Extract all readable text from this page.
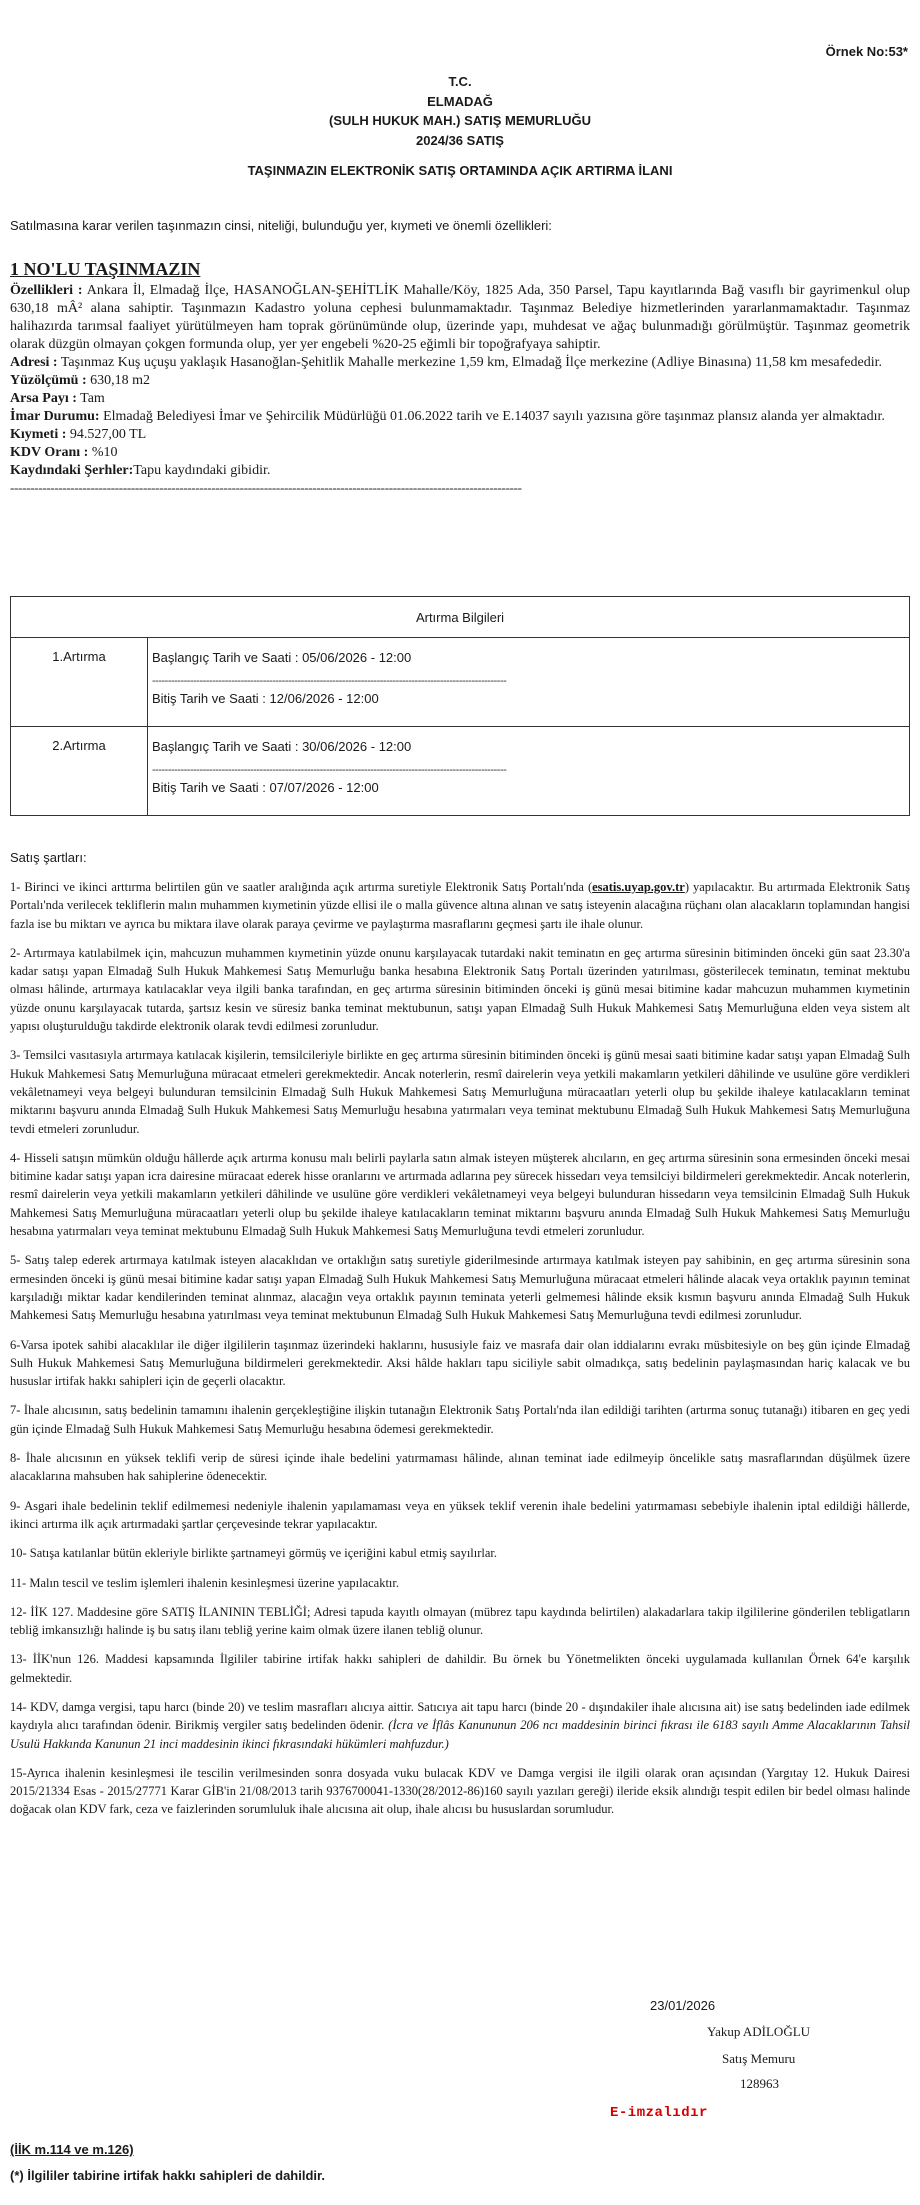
Örnek No:53*
T.C.
ELMADAĞ
(SULH HUKUK MAH.) SATIŞ MEMURLUĞU
2024/36 SATIŞ
TAŞINMAZIN ELEKTRONİK SATIŞ ORTAMINDA AÇIK ARTIRMA İLANI
Satılmasına karar verilen taşınmazın cinsi, niteliği, bulunduğu yer, kıymeti ve önemli özellikleri:
1 NO'LU TAŞINMAZIN

Özellikleri : Ankara İl, Elmadağ İlçe, HASANOĞLAN-ŞEHİTLİK Mahalle/Köy, 1825 Ada, 350 Parsel, Tapu kayıtlarında Bağ vasıflı bir gayrimenkul olup 630,18 mÂ² alana sahiptir. Taşınmazın Kadastro yoluna cephesi bulunmamaktadır. Taşınmaz Belediye hizmetlerinden yararlanmamaktadır. Taşınmaz halihazırda tarımsal faaliyet yürütülmeyen ham toprak görünümünde olup, üzerinde yapı, muhdesat ve ağaç bulunmadığı görülmüştür. Taşınmaz geometrik olarak düzgün olmayan çokgen formunda olup, yer yer engebeli %20-25 eğimli bir topoğrafyaya sahiptir.

Adresi : Taşınmaz Kuş uçuşu yaklaşık Hasanoğlan-Şehitlik Mahalle merkezine 1,59 km, Elmadağ İlçe merkezine (Adliye Binasına) 11,58 km mesafededir.

Yüzölçümü : 630,18 m2

Arsa Payı : Tam

İmar Durumu: Elmadağ Belediyesi İmar ve Şehircilik Müdürlüğü 01.06.2022 tarih ve E.14037 sayılı yazısına göre taşınmaz plansız alanda yer almaktadır.

Kıymeti : 94.527,00 TL

KDV Oranı : %10

Kaydındaki Şerhler:Tapu kaydındaki gibidir.

-------------------------------------------------------------------------------------------------------------------------------
Artırma Bilgileri	
1.Artırma	Başlangıç Tarih ve Saati : 05/06/2026 - 12:00
----------------------------------------------------------------------------------------------------------------
Bitiş Tarih ve Saati : 12/06/2026 - 12:00

2.Artırma	Başlangıç Tarih ve Saati : 30/06/2026 - 12:00
----------------------------------------------------------------------------------------------------------------
Bitiş Tarih ve Saati : 07/07/2026 - 12:00
Satış şartları:

1- Birinci ve ikinci arttırma belirtilen gün ve saatler aralığında açık artırma suretiyle Elektronik Satış Portalı'nda (esatis.uyap.gov.tr) yapılacaktır. Bu artırmada Elektronik Satış Portalı'nda verilecek tekliflerin malın muhammen kıymetinin yüzde ellisi ile o malla güvence altına alınan ve satış isteyenin alacağına rüçhanı olan alacakların toplamından hangisi fazla ise bu miktarı ve ayrıca bu miktara ilave olarak paraya çevirme ve paylaştırma masraflarını geçmesi şartı ile ihale olunur.

2- Artırmaya katılabilmek için, mahcuzun muhammen kıymetinin yüzde onunu karşılayacak tutardaki nakit teminatın en geç artırma süresinin bitiminden önceki gün saat 23.30'a kadar satışı yapan Elmadağ Sulh Hukuk Mahkemesi Satış Memurluğu banka hesabına Elektronik Satış Portalı üzerinden yatırılması, gösterilecek teminatın, teminat mektubu olması hâlinde, artırmaya katılacaklar veya ilgili banka tarafından, en geç artırma süresinin bitiminden önceki iş günü mesai bitimine kadar mahcuzun muhammen kıymetinin yüzde onunu karşılayacak tutarda, şartsız kesin ve süresiz banka teminat mektubunun, satışı yapan Elmadağ Sulh Hukuk Mahkemesi Satış Memurluğuna elden veya sistem alt yapısı oluşturulduğu takdirde elektronik olarak tevdi edilmesi zorunludur.

3- Temsilci vasıtasıyla artırmaya katılacak kişilerin, temsilcileriyle birlikte en geç artırma süresinin bitiminden önceki iş günü mesai saati bitimine kadar satışı yapan Elmadağ Sulh Hukuk Mahkemesi Satış Memurluğuna müracaat etmeleri gerekmektedir. Ancak noterlerin, resmî dairelerin veya yetkili makamların yetkileri dâhilinde ve usulüne göre verdikleri vekâletnameyi veya belgeyi bulunduran temsilcinin Elmadağ Sulh Hukuk Mahkemesi Satış Memurluğuna müracaatları yeterli olup bu şekilde ihaleye katılacakların teminat miktarını başvuru anında Elmadağ Sulh Hukuk Mahkemesi Satış Memurluğu hesabına yatırmaları veya teminat mektubunu Elmadağ Sulh Hukuk Mahkemesi Satış Memurluğuna tevdi etmeleri zorunludur.

4- Hisseli satışın mümkün olduğu hâllerde açık artırma konusu malı belirli paylarla satın almak isteyen müşterek alıcıların, en geç artırma süresinin sona ermesinden önceki mesai bitimine kadar satışı yapan icra dairesine müracaat ederek hisse oranlarını ve artırmada adlarına pey sürecek hissedarı veya temsilciyi bildirmeleri gerekmektedir. Ancak noterlerin, resmî dairelerin veya yetkili makamların yetkileri dâhilinde ve usulüne göre verdikleri vekâletnameyi veya belgeyi bulunduran hissedarın veya temsilcinin Elmadağ Sulh Hukuk Mahkemesi Satış Memurluğuna müracaatları yeterli olup bu şekilde ihaleye katılacakların teminat miktarını başvuru anında Elmadağ Sulh Hukuk Mahkemesi Satış Memurluğu hesabına yatırmaları veya teminat mektubunu Elmadağ Sulh Hukuk Mahkemesi Satış Memurluğuna tevdi etmeleri zorunludur.

5- Satış talep ederek artırmaya katılmak isteyen alacaklıdan ve ortaklığın satış suretiyle giderilmesinde artırmaya katılmak isteyen pay sahibinin, en geç artırma süresinin sona ermesinden önceki iş günü mesai bitimine kadar satışı yapan Elmadağ Sulh Hukuk Mahkemesi Satış Memurluğuna müracaat etmeleri hâlinde alacak veya ortaklık payının teminat karşıladığı miktar kadar kendilerinden teminat alınmaz, alacağın veya ortaklık payının teminata yeterli gelmemesi hâlinde eksik kısmın başvuru anında Elmadağ Sulh Hukuk Mahkemesi Satış Memurluğu hesabına yatırılması veya teminat mektubunun Elmadağ Sulh Hukuk Mahkemesi Satış Memurluğuna tevdi edilmesi zorunludur.

6-Varsa ipotek sahibi alacaklılar ile diğer ilgililerin taşınmaz üzerindeki haklarını, hususiyle faiz ve masrafa dair olan iddialarını evrakı müsbitesiyle on beş gün içinde Elmadağ Sulh Hukuk Mahkemesi Satış Memurluğuna bildirmeleri gerekmektedir. Aksi hâlde hakları tapu siciliyle sabit olmadıkça, satış bedelinin paylaşmasından hariç kalacak ve bu hususlar irtifak hakkı sahipleri için de geçerli olacaktır.

7- İhale alıcısının, satış bedelinin tamamını ihalenin gerçekleştiğine ilişkin tutanağın Elektronik Satış Portalı'nda ilan edildiği tarihten (artırma sonuç tutanağı) itibaren en geç yedi gün içinde Elmadağ Sulh Hukuk Mahkemesi Satış Memurluğu hesabına ödemesi gerekmektedir.

8- İhale alıcısının en yüksek teklifi verip de süresi içinde ihale bedelini yatırmaması hâlinde, alınan teminat iade edilmeyip öncelikle satış masraflarından düşülmek üzere alacaklarına mahsuben hak sahiplerine ödenecektir.

9- Asgari ihale bedelinin teklif edilmemesi nedeniyle ihalenin yapılamaması veya en yüksek teklif verenin ihale bedelini yatırmaması sebebiyle ihalenin iptal edildiği hâllerde, ikinci artırma ilk açık artırmadaki şartlar çerçevesinde tekrar yapılacaktır.

10- Satışa katılanlar bütün ekleriyle birlikte şartnameyi görmüş ve içeriğini kabul etmiş sayılırlar.

11- Malın tescil ve teslim işlemleri ihalenin kesinleşmesi üzerine yapılacaktır.

12- İİK 127. Maddesine göre SATIŞ İLANININ TEBLİĞİ; Adresi tapuda kayıtlı olmayan (mübrez tapu kaydında belirtilen) alakadarlara takip ilgililerine gönderilen tebligatların tebliğ imkansızlığı halinde iş bu satış ilanı tebliğ yerine kaim olmak üzere ilanen tebliğ olunur.

13- İİK'nun 126. Maddesi kapsamında İlgililer tabirine irtifak hakkı sahipleri de dahildir. Bu örnek bu Yönetmelikten önceki uygulamada kullanılan Örnek 64'e karşılık gelmektedir.

14- KDV, damga vergisi, tapu harcı (binde 20) ve teslim masrafları alıcıya aittir. Satıcıya ait tapu harcı (binde 20 - dışındakiler ihale alıcısına ait) ise satış bedelinden iade edilmek kaydıyla alıcı tarafından ödenir. Birikmiş vergiler satış bedelinden ödenir. (İcra ve İflâs Kanununun 206 ncı maddesinin birinci fıkrası ile 6183 sayılı Amme Alacaklarının Tahsil Usulü Hakkında Kanunun 21 inci maddesinin ikinci fıkrasındaki hükümleri mahfuzdur.)

15-Ayrıca ihalenin kesinleşmesi ile tescilin verilmesinden sonra dosyada vuku bulacak KDV ve Damga vergisi ile ilgili olarak oran açısından (Yargıtay 12. Hukuk Dairesi 2015/21334 Esas - 2015/27771 Karar GİB'in 21/08/2013 tarih 9376700041-1330(28/2012-86)160 sayılı yazıları gereği) ileride eksik alındığı tespit edilen bir bedel olması halinde doğacak olan KDV fark, ceza ve faizlerinden sorumluluk ihale alıcısına ait olup, ihale alıcısı bu hususlardan sorumludur.

23/01/2026
Yakup ADİLOĞLU
Satış Memuru
(İİK m.114 ve m.126)
(*) İlgililer tabirine irtifak hakkı sahipleri de dahildir.
128963
E-imzalıdır
